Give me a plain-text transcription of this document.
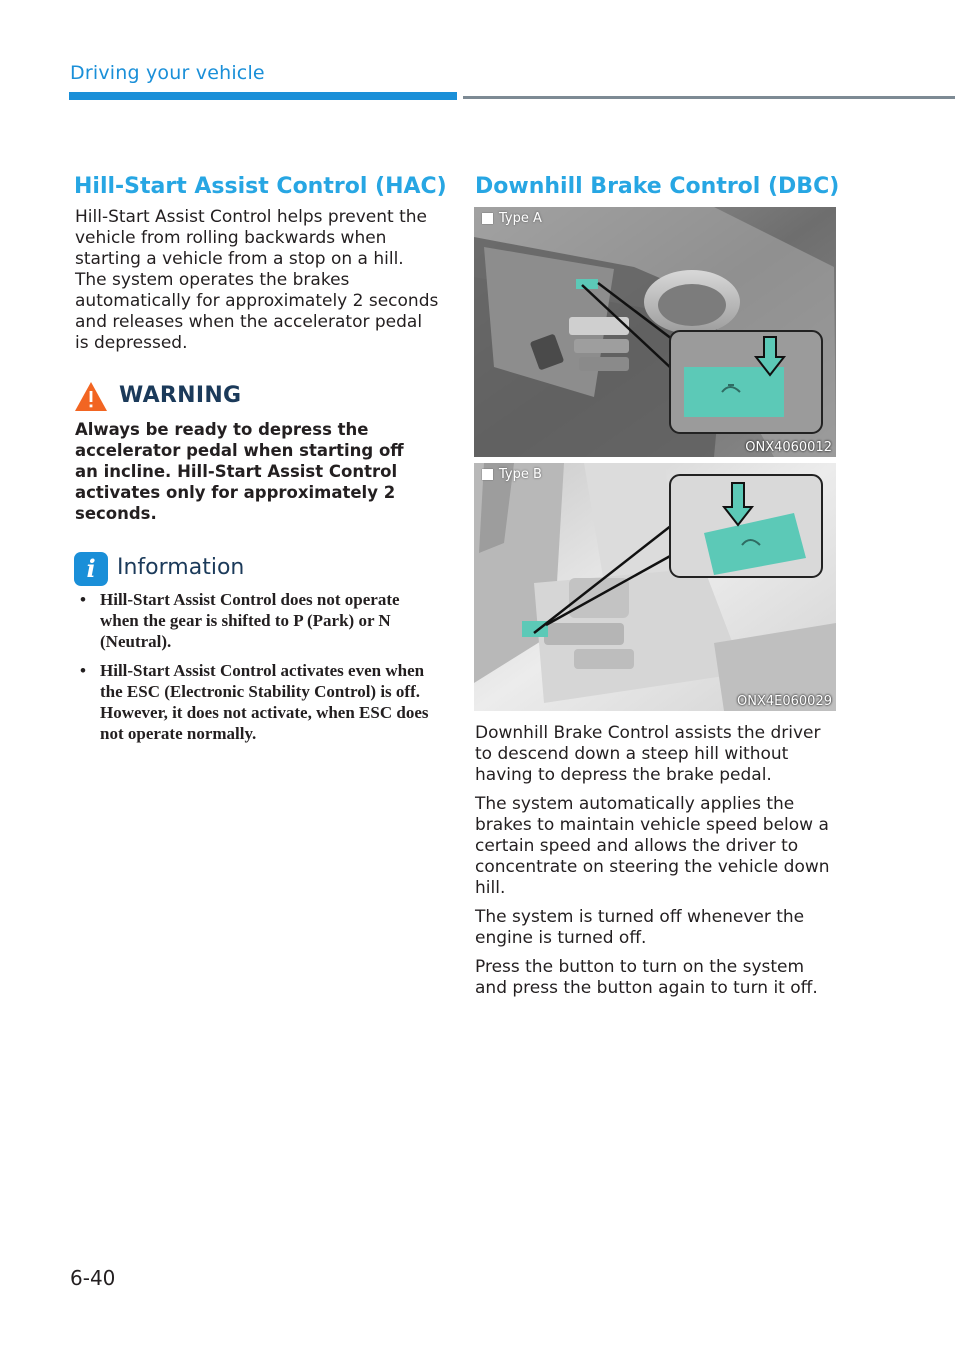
Driving your vehicle
Hill-Start Assist Control (HAC)

Hill-Start Assist Control helps prevent the vehicle from rolling backwards when starting a vehicle from a stop on a hill. The system operates the brakes automatically for approximately 2 seconds and releases when the accelerator pedal is depressed.

WARNING
Always be ready to depress the accelerator pedal when starting off an incline. Hill-Start Assist Control activates only for approximately 2 seconds.
i Information
• Hill-Start Assist Control does not operate when the gear is shifted to P (Park) or N (Neutral).
• Hill-Start Assist Control activates even when the ESC (Electronic Stability Control) is off. However, it does not activate, when ESC does not operate normally.
Downhill Brake Control (DBC)
Type A
ONX4060012
Type B
ONX4E060029

Downhill Brake Control assists the driver to descend down a steep hill without having to depress the brake pedal.

The system automatically applies the brakes to maintain vehicle speed below a certain speed and allows the driver to concentrate on steering the vehicle down hill.

The system is turned off whenever the engine is turned off.

Press the button to turn on the system and press the button again to turn it off.

6-40
